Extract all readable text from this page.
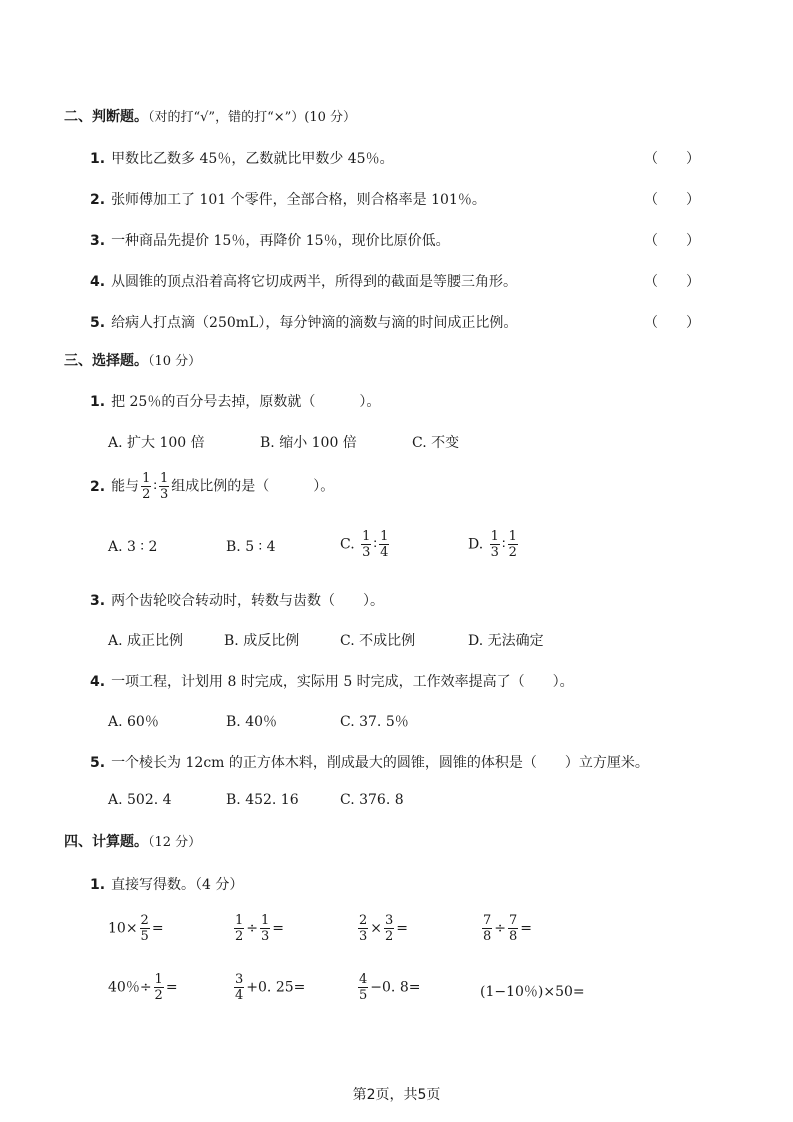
二、判断题。（对的打“√”，错的打“×”）(10 分）
1. 甲数比乙数多 45％，乙数就比甲数少 45％。	（　　）
2. 张师傅加工了 101 个零件，全部合格，则合格率是 101％。	（　　）
3. 一种商品先提价 15％，再降价 15％，现价比原价低。	（　　）
4. 从圆锥的顶点沿着高将它切成两半，所得到的截面是等腰三角形。	（　　）
5. 给病人打点滴（250mL），每分钟滴的滴数与滴的时间成正比例。	（　　）
三、选择题。（10 分）
1. 把 25％的百分号去掉，原数就（	）。
A. 扩大 100 倍	B. 缩小 100 倍	C. 不变
2. 能与 $\frac{1}{2}$ ∶ $\frac{1}{3}$ 组成比例的是（	）。
A. 3 ∶ 2	B. 5 ∶ 4	C. $\frac{1}{3}$ ∶ $\frac{1}{4}$	D. $\frac{1}{3}$ ∶ $\frac{1}{2}$
3. 两个齿轮咬合转动时，转数与齿数（　　）。
A. 成正比例	B. 成反比例	C. 不成比例	D. 无法确定
4. 一项工程，计划用 8 时完成，实际用 5 时完成，工作效率提高了（　　）。
A. 60％	B. 40％	C. 37. 5％
5. 一个棱长为 12cm 的正方体木料，削成最大的圆锥，圆锥的体积是（　　）立方厘米。
A. 502. 4	B. 452. 16	C. 376. 8
四、计算题。（12 分）
1. 直接写得数。（4 分）
$10\times \frac{2}{5}$ =	$\frac{1}{2} \div \frac{1}{3}$ =	$\frac{2}{3} \times \frac{3}{2}$ =	$\frac{7}{8} \div \frac{7}{8}$ =
40％÷ $\frac{1}{2}$ =	$\frac{3}{4} +0$. 25=	$\frac{4}{5} -0$. 8=	(1−10％)×50=
第2页，共5页
